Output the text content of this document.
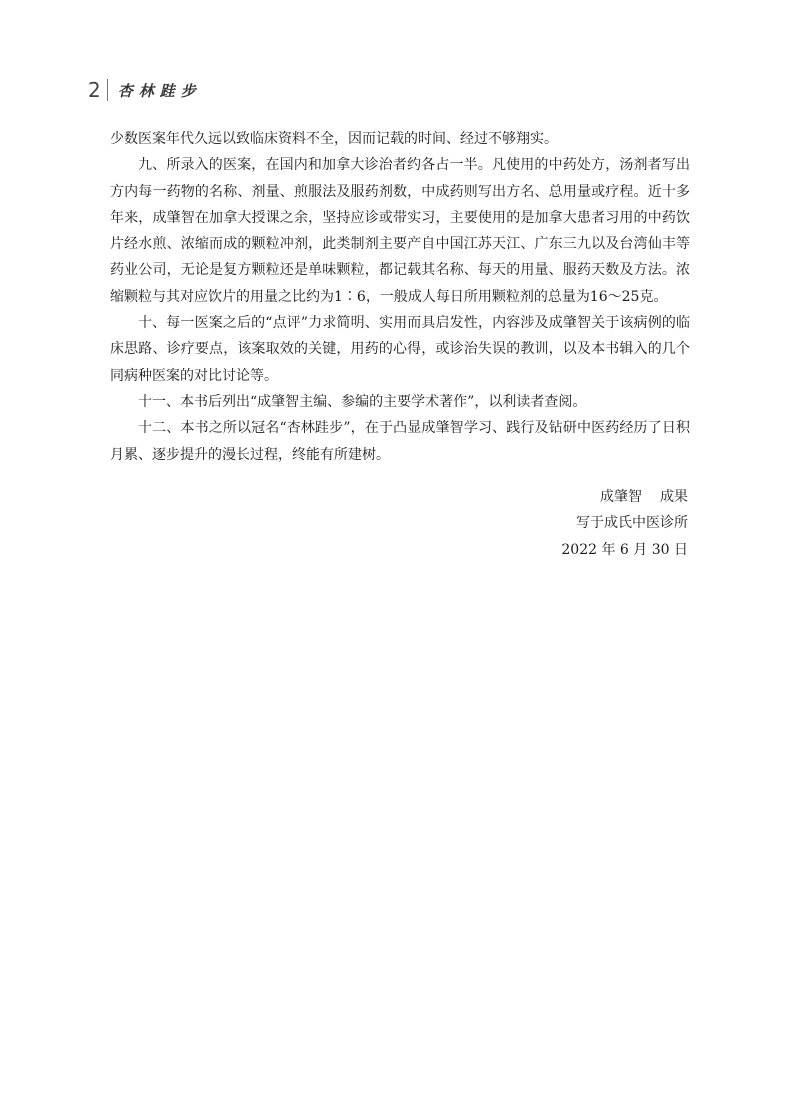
2 杏林跬步

少数医案年代久远以致临床资料不全，因而记载的时间、经过不够翔实。

九、所录入的医案，在国内和加拿大诊治者约各占一半。凡使用的中药处方，汤剂者写出方内每一药物的名称、剂量、煎服法及服药剂数，中成药则写出方名、总用量或疗程。近十多年来，成肇智在加拿大授课之余，坚持应诊或带实习，主要使用的是加拿大患者习用的中药饮片经水煎、浓缩而成的颗粒冲剂，此类制剂主要产自中国江苏天江、广东三九以及台湾仙丰等药业公司，无论是复方颗粒还是单味颗粒，都记载其名称、每天的用量、服药天数及方法。浓缩颗粒与其对应饮片的用量之比约为1∶6，一般成人每日所用颗粒剂的总量为16～25克。

十、每一医案之后的“点评”力求简明、实用而具启发性，内容涉及成肇智关于该病例的临床思路、诊疗要点，该案取效的关键，用药的心得，或诊治失误的教训，以及本书辑入的几个同病种医案的对比讨论等。

十一、本书后列出“成肇智主编、参编的主要学术著作”，以利读者查阅。

十二、本书之所以冠名“杏林跬步”，在于凸显成肇智学习、践行及钻研中医药经历了日积月累、逐步提升的漫长过程，终能有所建树。

成肇智 成果
写于成氏中医诊所
2022 年 6 月 30 日
